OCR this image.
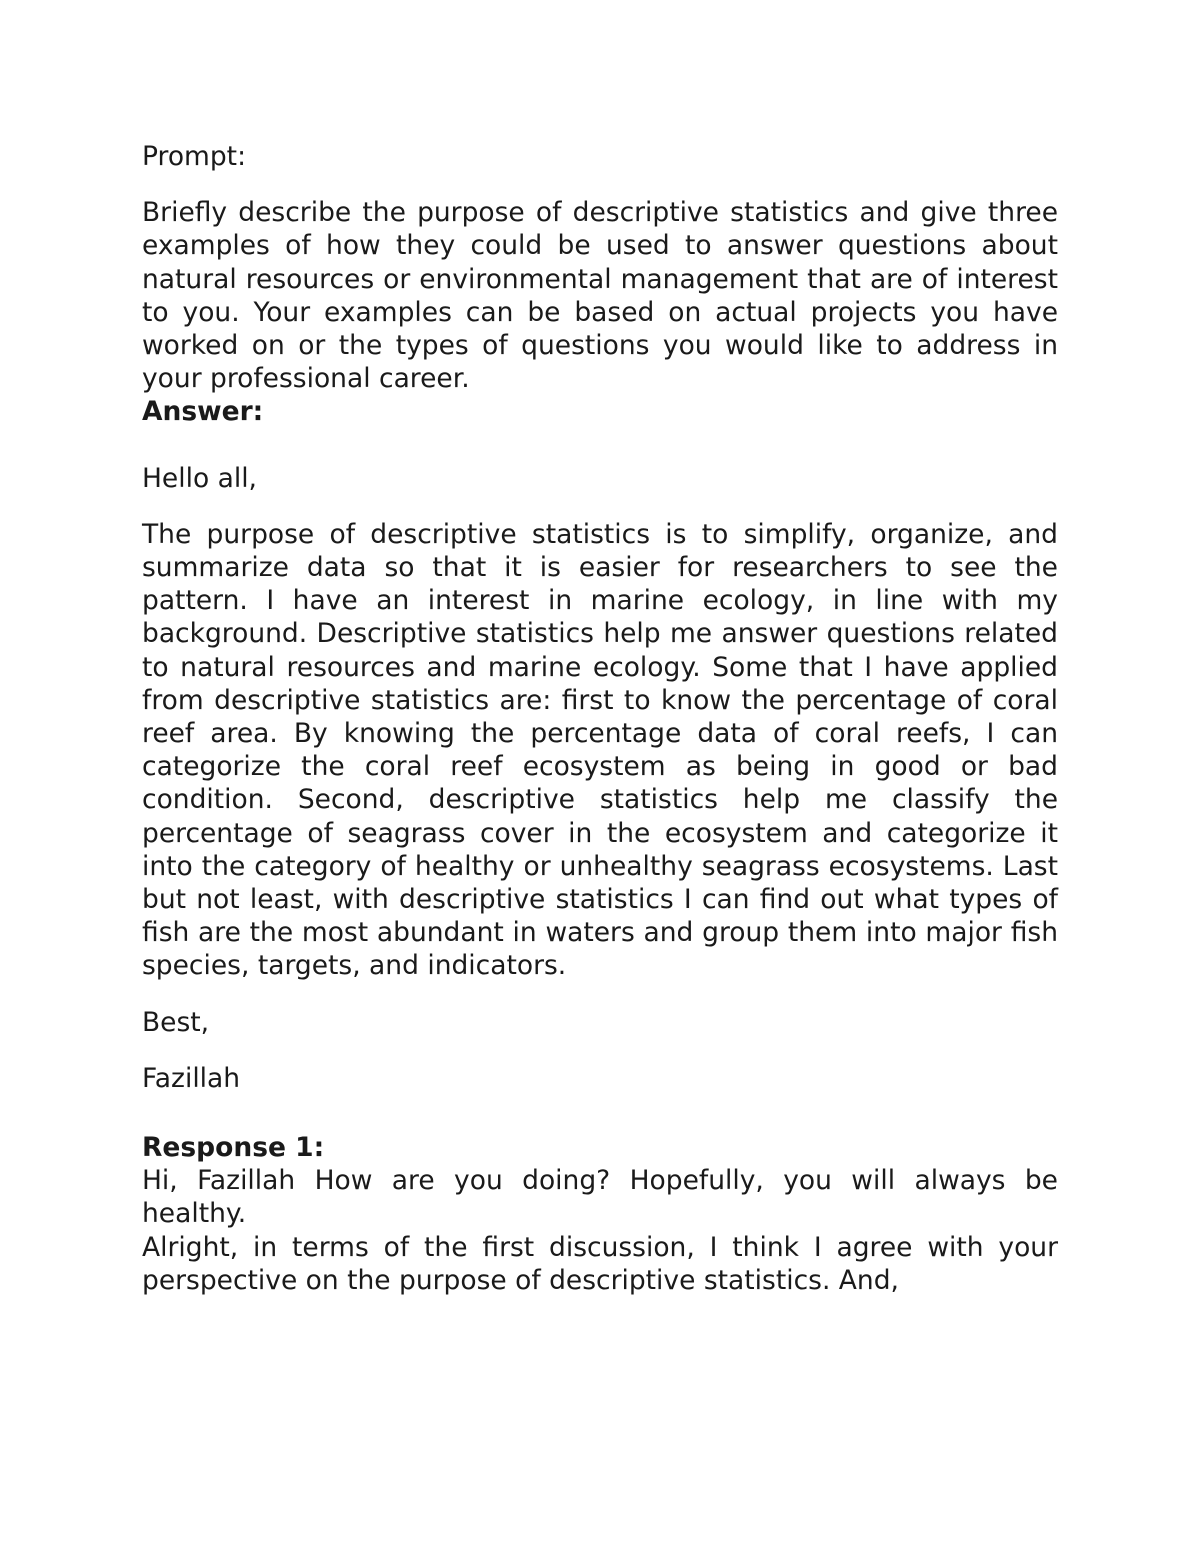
Prompt:

Briefly describe the purpose of descriptive statistics and give three examples of how they could be used to answer questions about natural resources or environmental management that are of interest to you. Your examples can be based on actual projects you have worked on or the types of questions you would like to address in your professional career.

Answer:

Hello all,

The purpose of descriptive statistics is to simplify, organize, and summarize data so that it is easier for researchers to see the pattern. I have an interest in marine ecology, in line with my background. Descriptive statistics help me answer questions related to natural resources and marine ecology. Some that I have applied from descriptive statistics are: first to know the percentage of coral reef area. By knowing the percentage data of coral reefs, I can categorize the coral reef ecosystem as being in good or bad condition. Second, descriptive statistics help me classify the percentage of seagrass cover in the ecosystem and categorize it into the category of healthy or unhealthy seagrass ecosystems. Last but not least, with descriptive statistics I can find out what types of fish are the most abundant in waters and group them into major fish species, targets, and indicators.

Best,

Fazillah

Response 1:

Hi, Fazillah How are you doing? Hopefully, you will always be healthy.

Alright, in terms of the first discussion, I think I agree with your perspective on the purpose of descriptive statistics. And,
